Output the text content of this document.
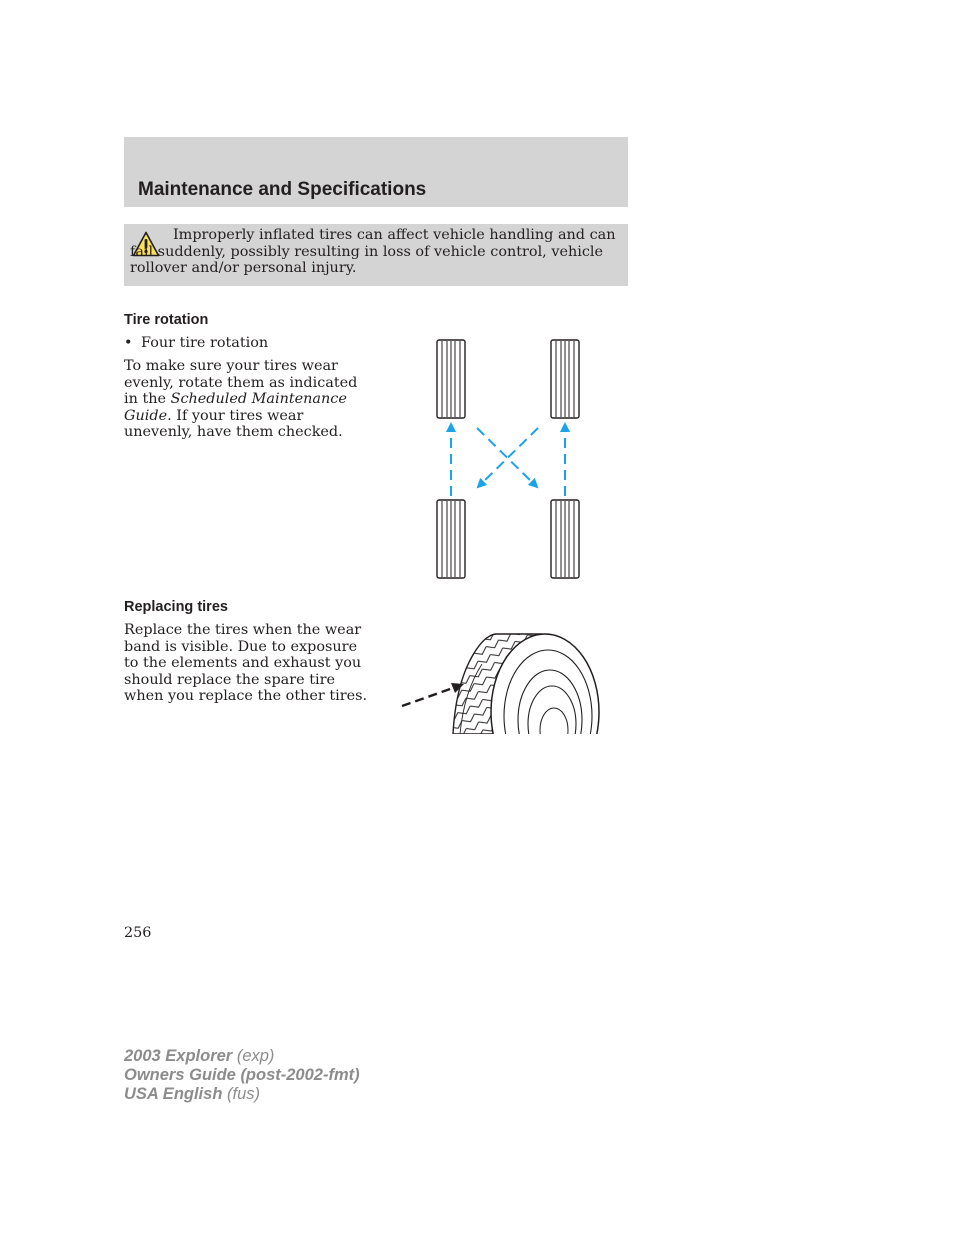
Maintenance and Specifications

Improperly inflated tires can affect vehicle handling and can fail suddenly, possibly resulting in loss of vehicle control, vehicle rollover and/or personal injury.

Tire rotation
• Four tire rotation

To make sure your tires wear evenly, rotate them as indicated in the Scheduled Maintenance Guide. If your tires wear unevenly, have them checked.

Replacing tires

Replace the tires when the wear band is visible. Due to exposure to the elements and exhaust you should replace the spare tire when you replace the other tires.

256
2003 Explorer (exp)
Owners Guide (post-2002-fmt)
USA English (fus)
